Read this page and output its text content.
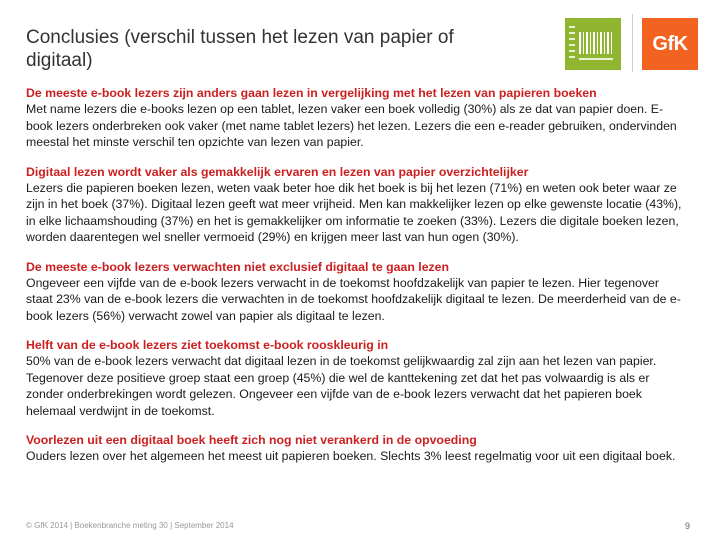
Conclusies (verschil tussen het lezen van papier of digitaal)
GfK
De meeste e-book lezers zijn anders gaan lezen in vergelijking met het lezen van papieren boeken
Met name lezers die e-books lezen op een tablet, lezen vaker een boek volledig (30%) als ze dat van papier doen. E-book lezers onderbreken ook vaker (met name tablet lezers) het lezen. Lezers die een e-reader gebruiken, ondervinden meestal het minste verschil ten opzichte van lezen van papier.
Digitaal lezen wordt vaker als gemakkelijk ervaren en lezen van papier overzichtelijker
Lezers die papieren boeken lezen, weten vaak beter hoe dik het boek is bij het lezen (71%) en weten ook beter waar ze zijn in het boek (37%). Digitaal lezen geeft wat meer vrijheid. Men kan makkelijker lezen op elke gewenste locatie (43%), in elke lichaamshouding (37%) en het is gemakkelijker om informatie te zoeken (33%). Lezers die digitale boeken lezen, worden daarentegen wel sneller vermoeid (29%) en krijgen meer last van hun ogen (30%).
De meeste e-book lezers verwachten niet exclusief digitaal te gaan lezen
Ongeveer een vijfde van de e-book lezers verwacht in de toekomst hoofdzakelijk van papier te lezen. Hier tegenover staat 23% van de e-book lezers die verwachten in de toekomst hoofdzakelijk digitaal te lezen. De meerderheid van de e-book lezers (56%) verwacht zowel van papier als digitaal te lezen.
Helft van de e-book lezers ziet toekomst e-book rooskleurig in
50% van de e-book lezers verwacht dat digitaal lezen in de toekomst gelijkwaardig zal zijn aan het lezen van papier. Tegenover deze positieve groep staat een groep (45%) die wel de kanttekening zet dat het pas volwaardig is als er zonder onderbrekingen wordt gelezen. Ongeveer een vijfde van de e-book lezers verwacht dat het papieren boek helemaal verdwijnt in de toekomst.
Voorlezen uit een digitaal boek heeft zich nog niet verankerd in de opvoeding
Ouders lezen over het algemeen het meest uit papieren boeken. Slechts 3% leest regelmatig voor uit een digitaal boek.
© GfK 2014 | Boekenbranche meting 30 | September 2014	9
